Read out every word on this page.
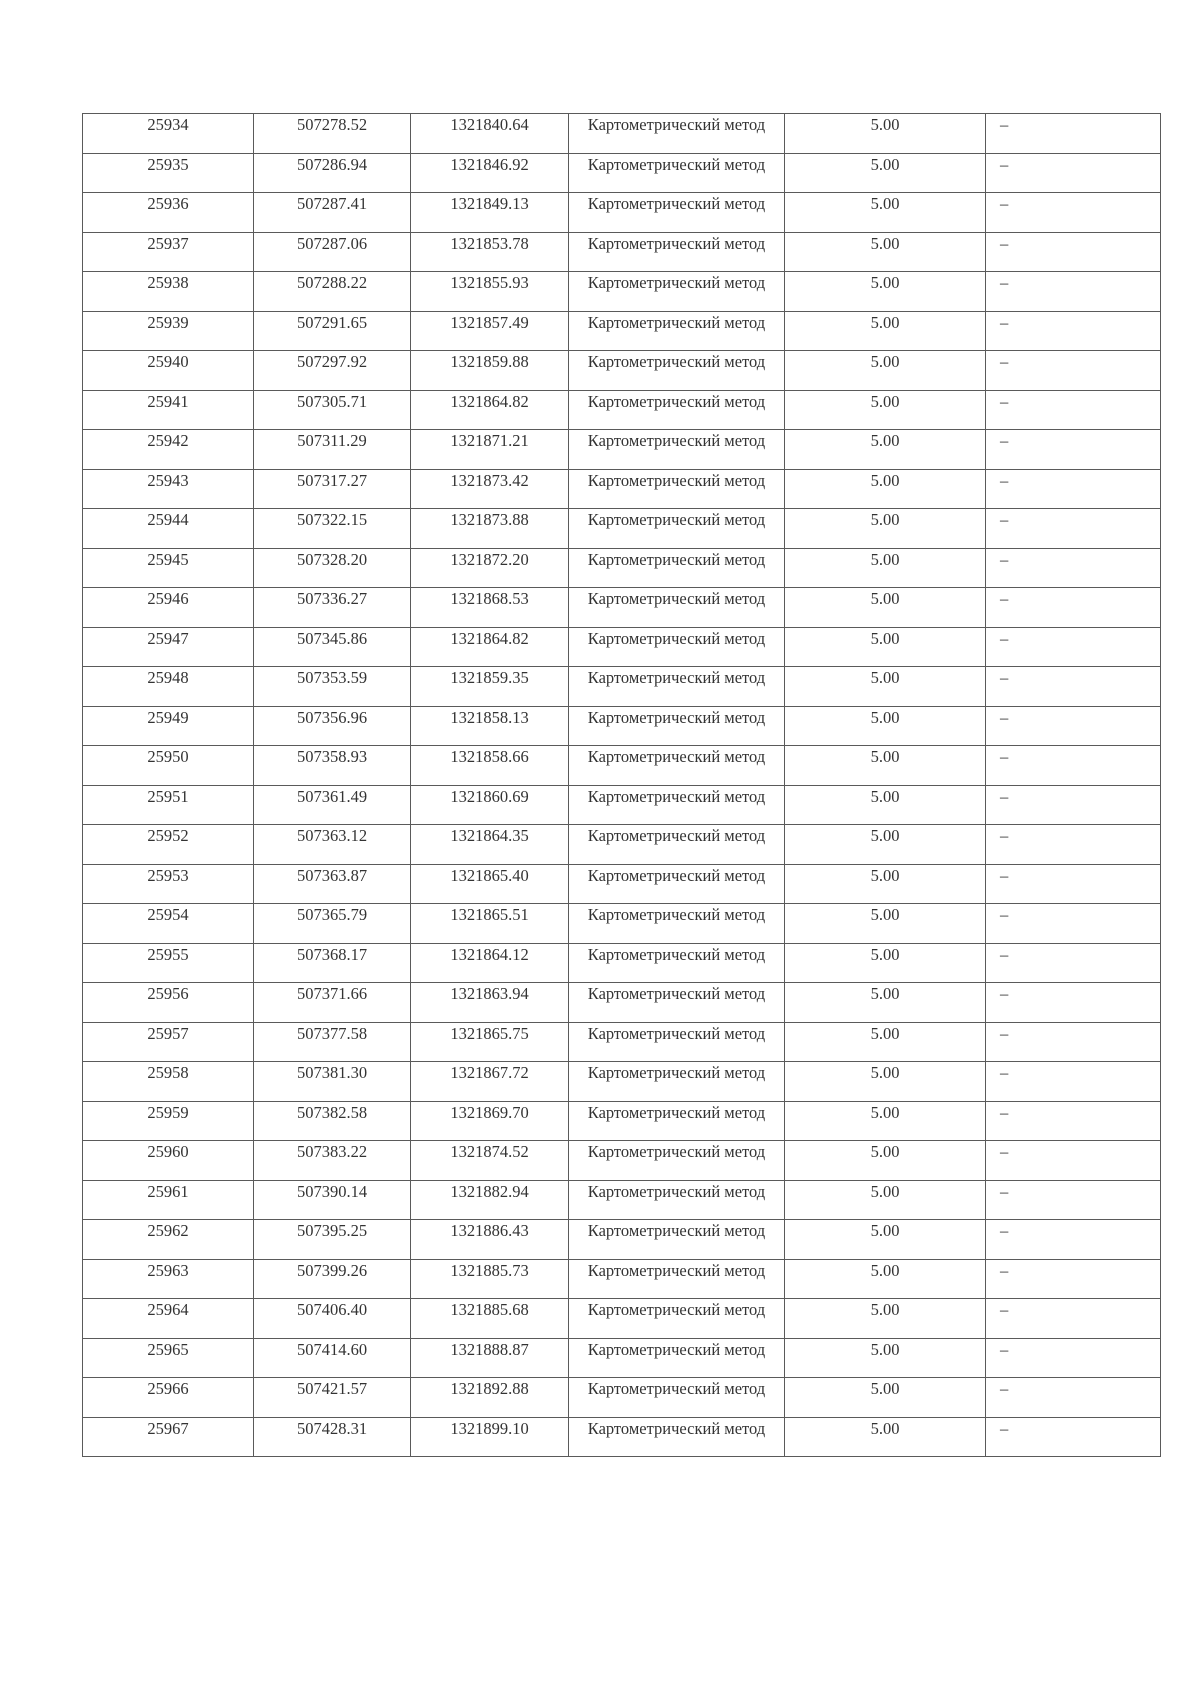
25934	507278.52	1321840.64	Картометрический метод	5.00	–
25935	507286.94	1321846.92	Картометрический метод	5.00	–
25936	507287.41	1321849.13	Картометрический метод	5.00	–
25937	507287.06	1321853.78	Картометрический метод	5.00	–
25938	507288.22	1321855.93	Картометрический метод	5.00	–
25939	507291.65	1321857.49	Картометрический метод	5.00	–
25940	507297.92	1321859.88	Картометрический метод	5.00	–
25941	507305.71	1321864.82	Картометрический метод	5.00	–
25942	507311.29	1321871.21	Картометрический метод	5.00	–
25943	507317.27	1321873.42	Картометрический метод	5.00	–
25944	507322.15	1321873.88	Картометрический метод	5.00	–
25945	507328.20	1321872.20	Картометрический метод	5.00	–
25946	507336.27	1321868.53	Картометрический метод	5.00	–
25947	507345.86	1321864.82	Картометрический метод	5.00	–
25948	507353.59	1321859.35	Картометрический метод	5.00	–
25949	507356.96	1321858.13	Картометрический метод	5.00	–
25950	507358.93	1321858.66	Картометрический метод	5.00	–
25951	507361.49	1321860.69	Картометрический метод	5.00	–
25952	507363.12	1321864.35	Картометрический метод	5.00	–
25953	507363.87	1321865.40	Картометрический метод	5.00	–
25954	507365.79	1321865.51	Картометрический метод	5.00	–
25955	507368.17	1321864.12	Картометрический метод	5.00	–
25956	507371.66	1321863.94	Картометрический метод	5.00	–
25957	507377.58	1321865.75	Картометрический метод	5.00	–
25958	507381.30	1321867.72	Картометрический метод	5.00	–
25959	507382.58	1321869.70	Картометрический метод	5.00	–
25960	507383.22	1321874.52	Картометрический метод	5.00	–
25961	507390.14	1321882.94	Картометрический метод	5.00	–
25962	507395.25	1321886.43	Картометрический метод	5.00	–
25963	507399.26	1321885.73	Картометрический метод	5.00	–
25964	507406.40	1321885.68	Картометрический метод	5.00	–
25965	507414.60	1321888.87	Картометрический метод	5.00	–
25966	507421.57	1321892.88	Картометрический метод	5.00	–
25967	507428.31	1321899.10	Картометрический метод	5.00	–
